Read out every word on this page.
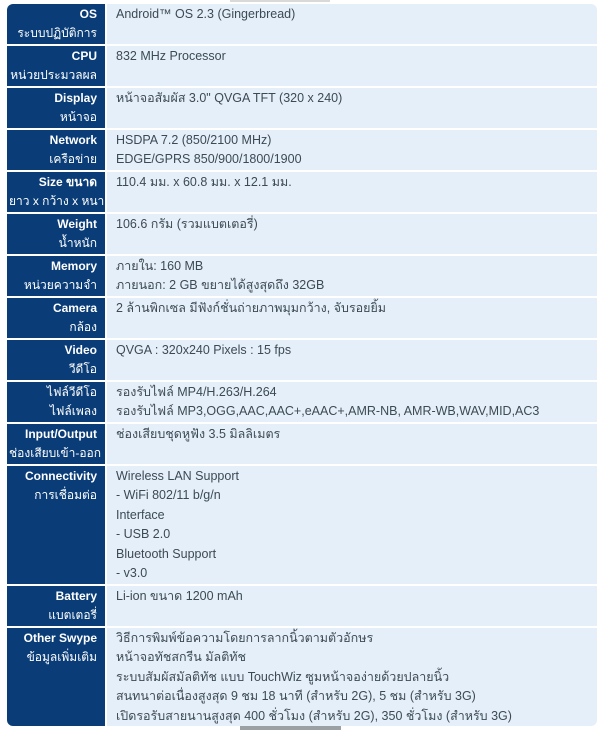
OS
ระบบปฏิบัติการ
Android™ OS 2.3 (Gingerbread)
CPU
หน่วยประมวลผล
832 MHz Processor
Display
หน้าจอ
หน้าจอสัมผัส 3.0" QVGA TFT (320 x 240)
Network
เครือข่าย
HSDPA 7.2 (850/2100 MHz)
EDGE/GPRS 850/900/1800/1900
Size ขนาด
ยาว x กว้าง x หนา
110.4 มม. x 60.8 มม. x 12.1 มม.
Weight
น้ำหนัก
106.6 กรัม (รวมแบตเตอรี่)
Memory
หน่วยความจำ
ภายใน: 160 MB
ภายนอก: 2 GB ขยายได้สูงสุดถึง 32GB
Camera
กล้อง
2 ล้านพิกเซล มีฟังก์ชั่นถ่ายภาพมุมกว้าง, จับรอยยิ้ม
Video
วีดีโอ
QVGA : 320x240 Pixels : 15 fps
ไฟล์วีดีโอ
ไฟล์เพลง
รองรับไฟล์ MP4/H.263/H.264
รองรับไฟล์ MP3,OGG,AAC,AAC+,eAAC+,AMR-NB, AMR-WB,WAV,MID,AC3
Input/Output
ช่องเสียบเข้า-ออก
ช่องเสียบชุดหูฟัง 3.5 มิลลิเมตร
Connectivity
การเชื่อมต่อ
Wireless LAN Support
- WiFi 802/11 b/g/n
Interface
- USB 2.0
Bluetooth Support
- v3.0
Battery
แบตเตอรี่
Li-ion ขนาด 1200 mAh
Other Swype
ข้อมูลเพิ่มเติม
วิธีการพิมพ์ข้อความโดยการลากนิ้วตามตัวอักษร
หน้าจอทัชสกรีน มัลติทัช
ระบบสัมผัสมัลติทัช แบบ TouchWiz ซูมหน้าจอง่ายด้วยปลายนิ้ว
สนทนาต่อเนื่องสูงสุด 9 ชม 18 นาที (สำหรับ 2G), 5 ชม (สำหรับ 3G)
เปิดรอรับสายนานสูงสุด 400 ชั่วโมง (สำหรับ 2G), 350 ชั่วโมง (สำหรับ 3G)
